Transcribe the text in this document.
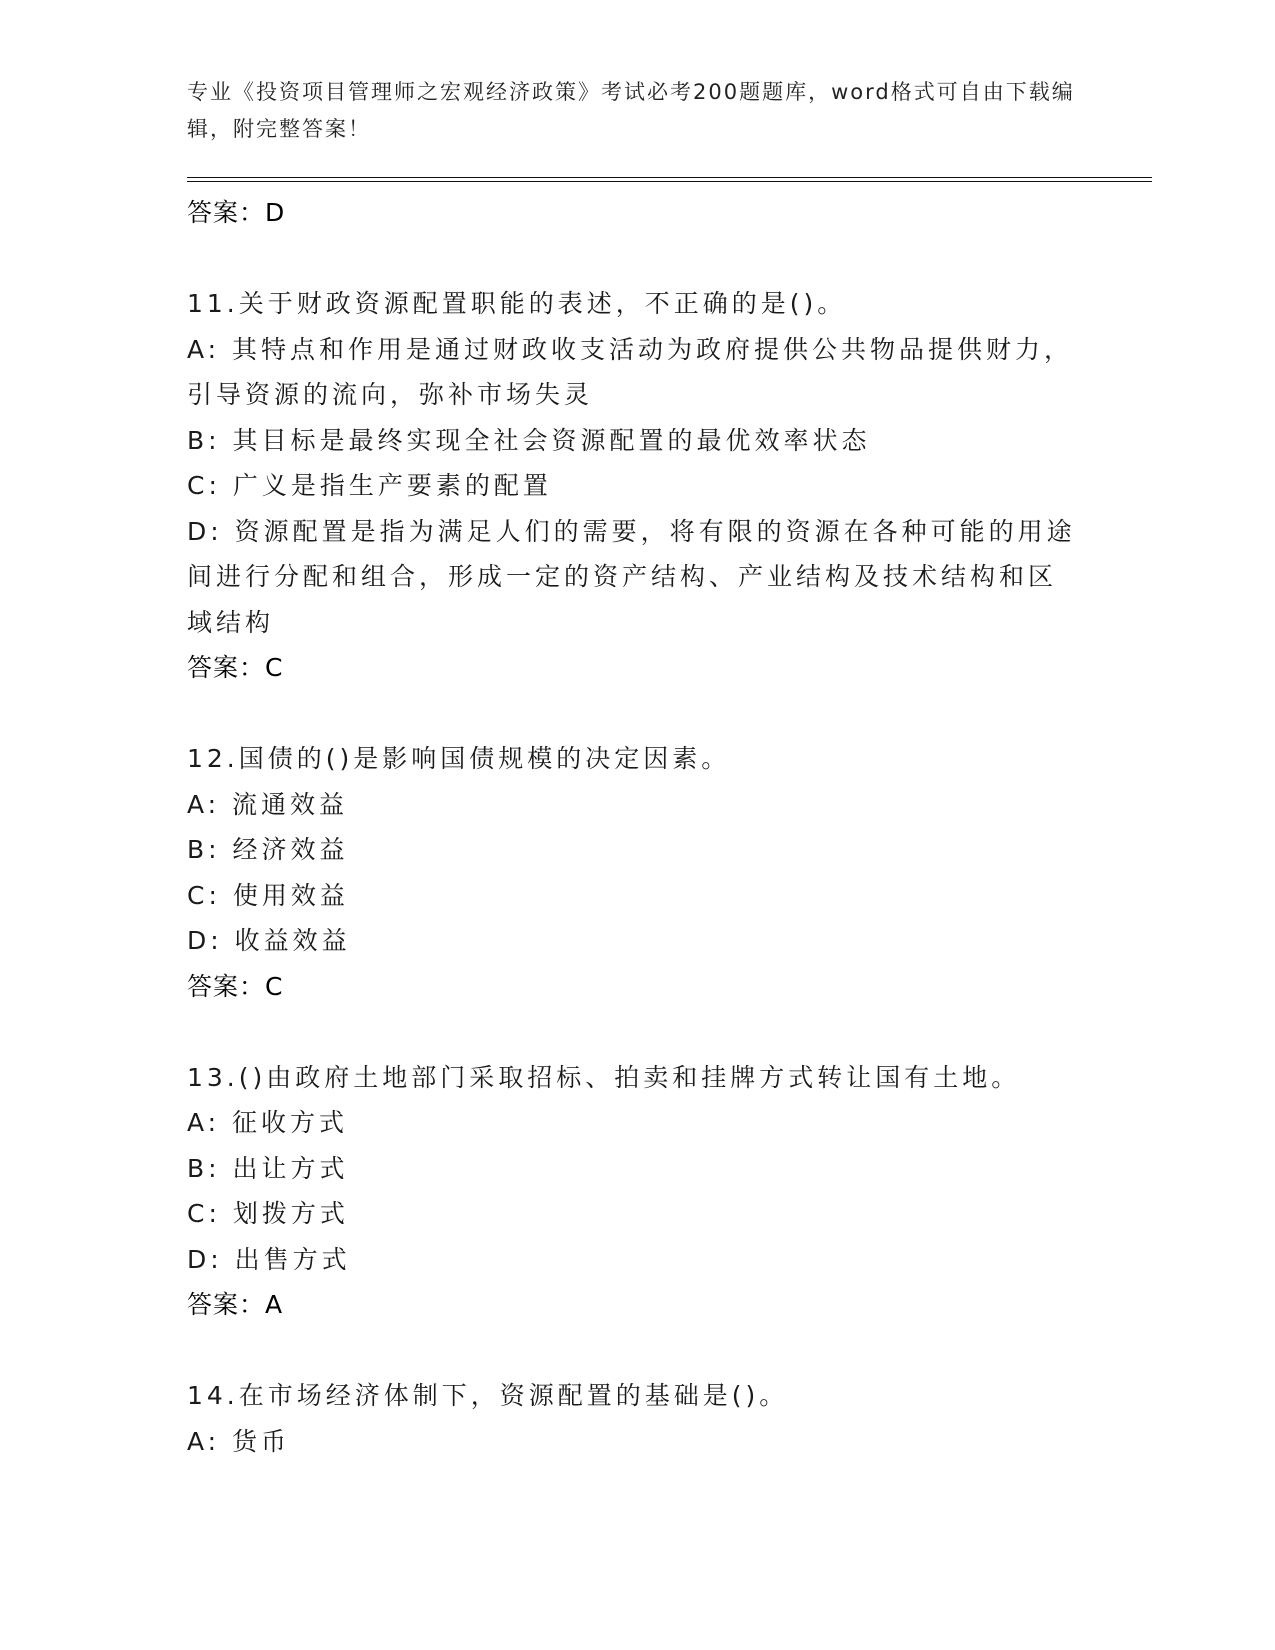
专业《投资项目管理师之宏观经济政策》考试必考200题题库，word格式可自由下载编辑，附完整答案！
答案：D
11.关于财政资源配置职能的表述，不正确的是()。
A: 其特点和作用是通过财政收支活动为政府提供公共物品提供财力，
引导资源的流向，弥补市场失灵
B: 其目标是最终实现全社会资源配置的最优效率状态
C: 广义是指生产要素的配置
D: 资源配置是指为满足人们的需要，将有限的资源在各种可能的用途
间进行分配和组合，形成一定的资产结构、产业结构及技术结构和区
域结构
答案：C
12.国债的()是影响国债规模的决定因素。
A: 流通效益
B: 经济效益
C: 使用效益
D: 收益效益
答案：C
13.()由政府土地部门采取招标、拍卖和挂牌方式转让国有土地。
A: 征收方式
B: 出让方式
C: 划拨方式
D: 出售方式
答案：A
14.在市场经济体制下，资源配置的基础是()。
A: 货币
